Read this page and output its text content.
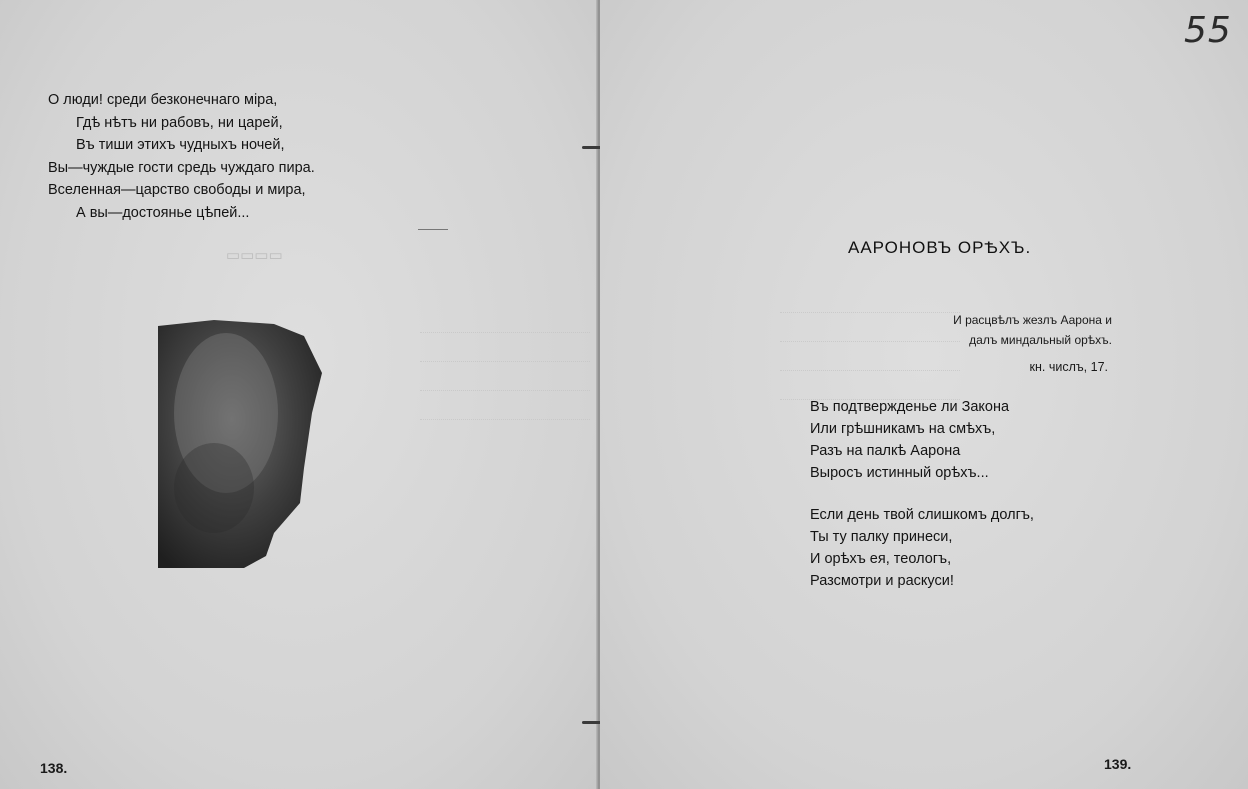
▭▭▭▭
О люди! среди безконечнаго міра,
Гдѣ нѣтъ ни рабовъ, ни царей,
Въ тиши этихъ чудныхъ ночей,
Вы—чуждые гости средь чуждаго пира.
Вселенная—царство свободы и мира,
А вы—достоянье цѣпей...
138.
55
ААРОНОВЪ ОРѢХЪ.
И расцвѣлъ жезлъ Аарона и
далъ миндальный орѣхъ.
кн. числъ, 17.
Въ подтвержденье ли Закона
Или грѣшникамъ на смѣхъ,
Разъ на палкѣ Аарона
Выросъ истинный орѣхъ...
Если день твой слишкомъ долгъ,
Ты ту палку принеси,
И орѣхъ ея, теологъ,
Разсмотри и раскуси!
139.
